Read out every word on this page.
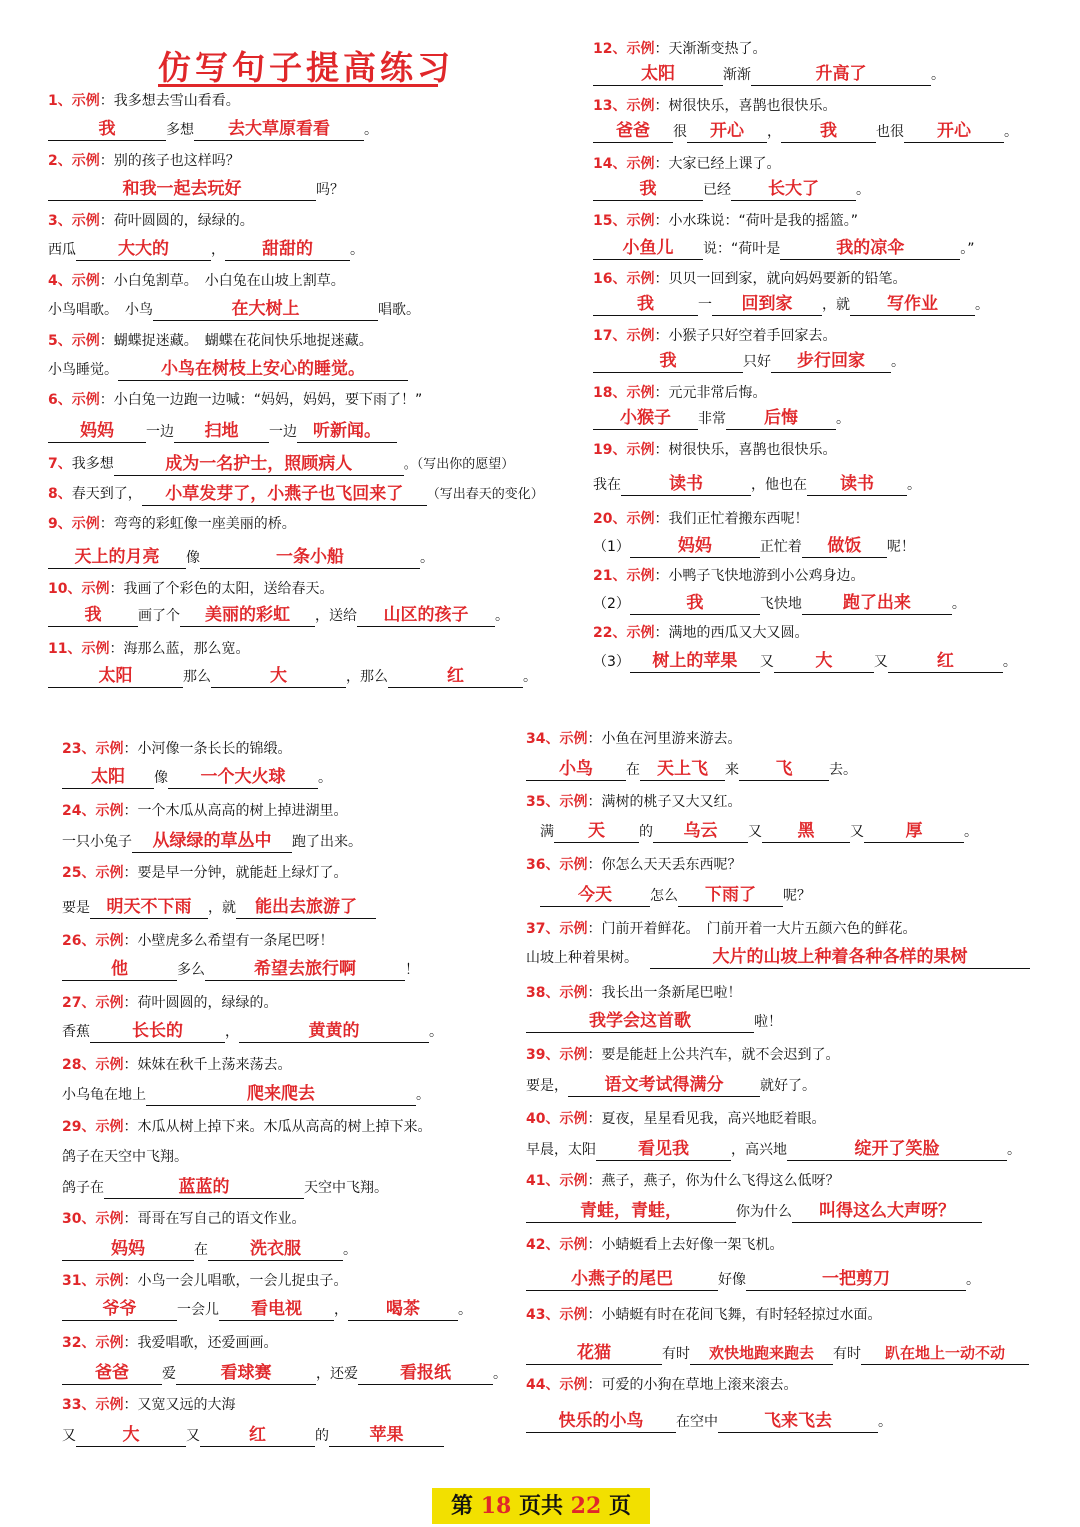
仿写句子提高练习
1、示例：我多想去雪山看看。
我	多想 去大草原看看 。
2、示例：别的孩子也这样吗？
和我一起去玩好	吗？
3、示例：荷叶圆圆的，绿绿的。
西瓜 大大的	， 甜甜的	。
4、示例：小白兔割草。　小白兔在山坡上割草。
小鸟唱歌。　小鸟	在大树上	唱歌。
5、示例：蝴蝶捉迷藏。　蝴蝶在花间快乐地捉迷藏。
小鸟睡觉。	小鸟在树枝上安心的睡觉。
6、示例：小白兔一边跑一边喊：“妈妈，妈妈，要下雨了！”
妈妈 一边 扫地 一边 听新闻。
7、我多想	成为一名护士，照顾病人	。（写出你的愿望）
8、春天到了， 小草发芽了，小燕子也飞回来了 （写出春天的变化）
9、示例：弯弯的彩虹像一座美丽的桥。
天上的月亮 像	一条小船	。
10、示例：我画了个彩色的太阳，送给春天。
我	画了个 美丽的彩虹 ，送给 山区的孩子 。
11、示例：海那么蓝，那么宽。
太阳	那么	大	，那么	红	。
12、示例：天渐渐变热了。
太阳	渐渐	升高了	。
13、示例：树很快乐，喜鹊也很快乐。
爸爸 很 开心 ， 我	也很 开心 。
14、示例：大家已经上课了。
我	已经 长大了	。
15、示例：小水珠说：“荷叶是我的摇篮。”
小鱼儿 说：“荷叶是	我的凉伞	。”
16、示例：贝贝一回到家，就向妈妈要新的铅笔。
我	一 回到家 ，就 写作业	。
17、示例：小猴子只好空着手回家去。
我	只好 步行回家 。
18、示例：元元非常后悔。
小猴子 非常 后悔	。
19、示例：树很快乐，喜鹊也很快乐。
我在	读书	，他也在 读书 。
20、示例：我们正忙着搬东西呢！
（1）	妈妈	正忙着 做饭 呢！
21、示例：小鸭子飞快地游到小公鸡身边。
（2）	我	飞快地 跑了出来	。
22、示例：满地的西瓜又大又圆。
（3） 树上的苹果 又 大	又	红	。
23、示例：小河像一条长长的锦缎。
太阳 像 一个大火球 。
24、示例：一个木瓜从高高的树上掉进湖里。
一只小兔子 从绿绿的草丛中 跑了出来。
25、示例：要是早一分钟，就能赶上绿灯了。
要是 明天不下雨 ，就 能出去旅游了
26、示例：小壁虎多么希望有一条尾巴呀！
他	多么	希望去旅行啊	！
27、示例：荷叶圆圆的，绿绿的。
香蕉 长长的	，	黄黄的	。
28、示例：妹妹在秋千上荡来荡去。
小乌龟在地上	爬来爬去	。
29、示例：木瓜从树上掉下来。木瓜从高高的树上掉下来。
鸽子在天空中飞翔。
鸽子在	蓝蓝的	天空中飞翔。
30、示例：哥哥在写自己的语文作业。
妈妈	在 洗衣服	。
31、示例：小鸟一会儿唱歌，一会儿捉虫子。
爷爷	一会儿 看电视 ， 喝茶	。
32、示例：我爱唱歌，还爱画画。
爸爸 爱	看球赛	，还爱 看报纸	。
33、示例：又宽又远的大海
又	大	又	红	的 苹果
34、示例：小鱼在河里游来游去。
小鸟 在 天上飞 来 飞	去。
35、示例：满树的桃子又大又红。
满 天 的 乌云 又 黑	又 厚	。
36、示例：你怎么天天丢东西呢？
今天	怎么 下雨了 呢？
37、示例：门前开着鲜花。　门前开着一大片五颜六色的鲜花。
山坡上种着果树。	大片的山坡上种着各种各样的果树
38、示例：我长出一条新尾巴啦！
我学会这首歌	啦！
39、示例：要是能赶上公共汽车，就不会迟到了。
要是， 语文考试得满分	就好了。
40、示例：夏夜，星星看见我，高兴地眨着眼。
早晨，太阳 看见我	，高兴地	绽开了笑脸	。
41、示例：燕子，燕子，你为什么飞得这么低呀？
青蛙，青蛙，	你为什么 叫得这么大声呀？
42、示例：小蜻蜓看上去好像一架飞机。
小燕子的尾巴	好像	一把剪刀	。
43、示例：小蜻蜓有时在花间飞舞，有时轻轻掠过水面。
花猫	有时 欢快地跑来跑去 有时 趴在地上一动不动
44、示例：可爱的小狗在草地上滚来滚去。
快乐的小鸟 在空中	飞来飞去	。
第 18 页共 22 页
